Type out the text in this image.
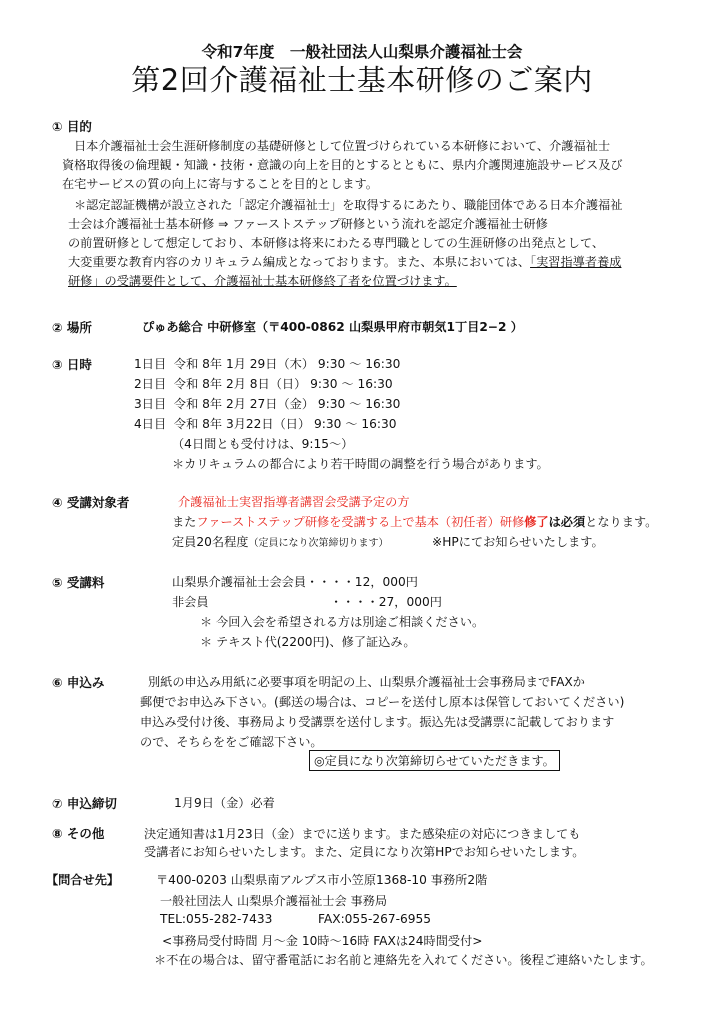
令和7年度　一般社団法人山梨県介護福祉士会
第2回介護福祉士基本研修のご案内
① 目的
日本介護福祉士会生涯研修制度の基礎研修として位置づけられている本研修において、介護福祉士
資格取得後の倫理観・知識・技術・意識の向上を目的とするとともに、県内介護関連施設サービス及び
在宅サービスの質の向上に寄与することを目的とします。
＊認定認証機構が設立された「認定介護福祉士」を取得するにあたり、職能団体である日本介護福祉
士会は介護福祉士基本研修 ⇒ ファーストステップ研修という流れを認定介護福祉士研修
の前置研修として想定しており、本研修は将来にわたる専門職としての生涯研修の出発点として、
大変重要な教育内容のカリキュラム編成となっております。また、本県においては、「実習指導者養成
研修」の受講要件として、介護福祉士基本研修終了者を位置づけます。
② 場所	ぴゅあ総合 中研修室（〒400-0862 山梨県甲府市朝気1丁目2−2 ）
③ 日時	1日目 令和 8年 1月 29日（木） 9:30 〜 16:30
2日目 令和 8年 2月 8日（日） 9:30 〜 16:30
3日目 令和 8年 2月 27日（金） 9:30 〜 16:30
4日目 令和 8年 3月22日（日） 9:30 〜 16:30
（4日間とも受付けは、9:15〜）
＊カリキュラムの都合により若干時間の調整を行う場合があります。
④ 受講対象者	介護福祉士実習指導者講習会受講予定の方
またファーストステップ研修を受講する上で基本（初任者）研修修了は必須となります。
定員20名程度（定員になり次第締切ります）	※HPにてお知らせいたします。
⑤ 受講料	山梨県介護福祉士会会員・・・・12，000円
非会員	・・・・27，000円
＊ 今回入会を希望される方は別途ご相談ください。
＊ テキスト代(2200円)、修了証込み。
⑥ 申込み	別紙の申込み用紙に必要事項を明記の上、山梨県介護福祉士会事務局までFAXか
郵便でお申込み下さい。(郵送の場合は、コピーを送付し原本は保管しておいてください)
申込み受付け後、事務局より受講票を送付します。振込先は受講票に記載しております
ので、そちらををご確認下さい。
◎定員になり次第締切らせていただきます。
⑦ 申込締切	1月9日（金）必着
⑧ その他	決定通知書は1月23日（金）までに送ります。また感染症の対応につきましても
受講者にお知らせいたします。また、定員になり次第HPでお知らせいたします。
【問合せ先】	〒400-0203 山梨県南アルプス市小笠原1368-10 事務所2階
一般社団法人 山梨県介護福祉士会 事務局
TEL:055-282-7433	FAX:055-267-6955
<事務局受付時間 月〜金 10時〜16時 FAXは24時間受付>
＊不在の場合は、留守番電話にお名前と連絡先を入れてください。後程ご連絡いたします。
